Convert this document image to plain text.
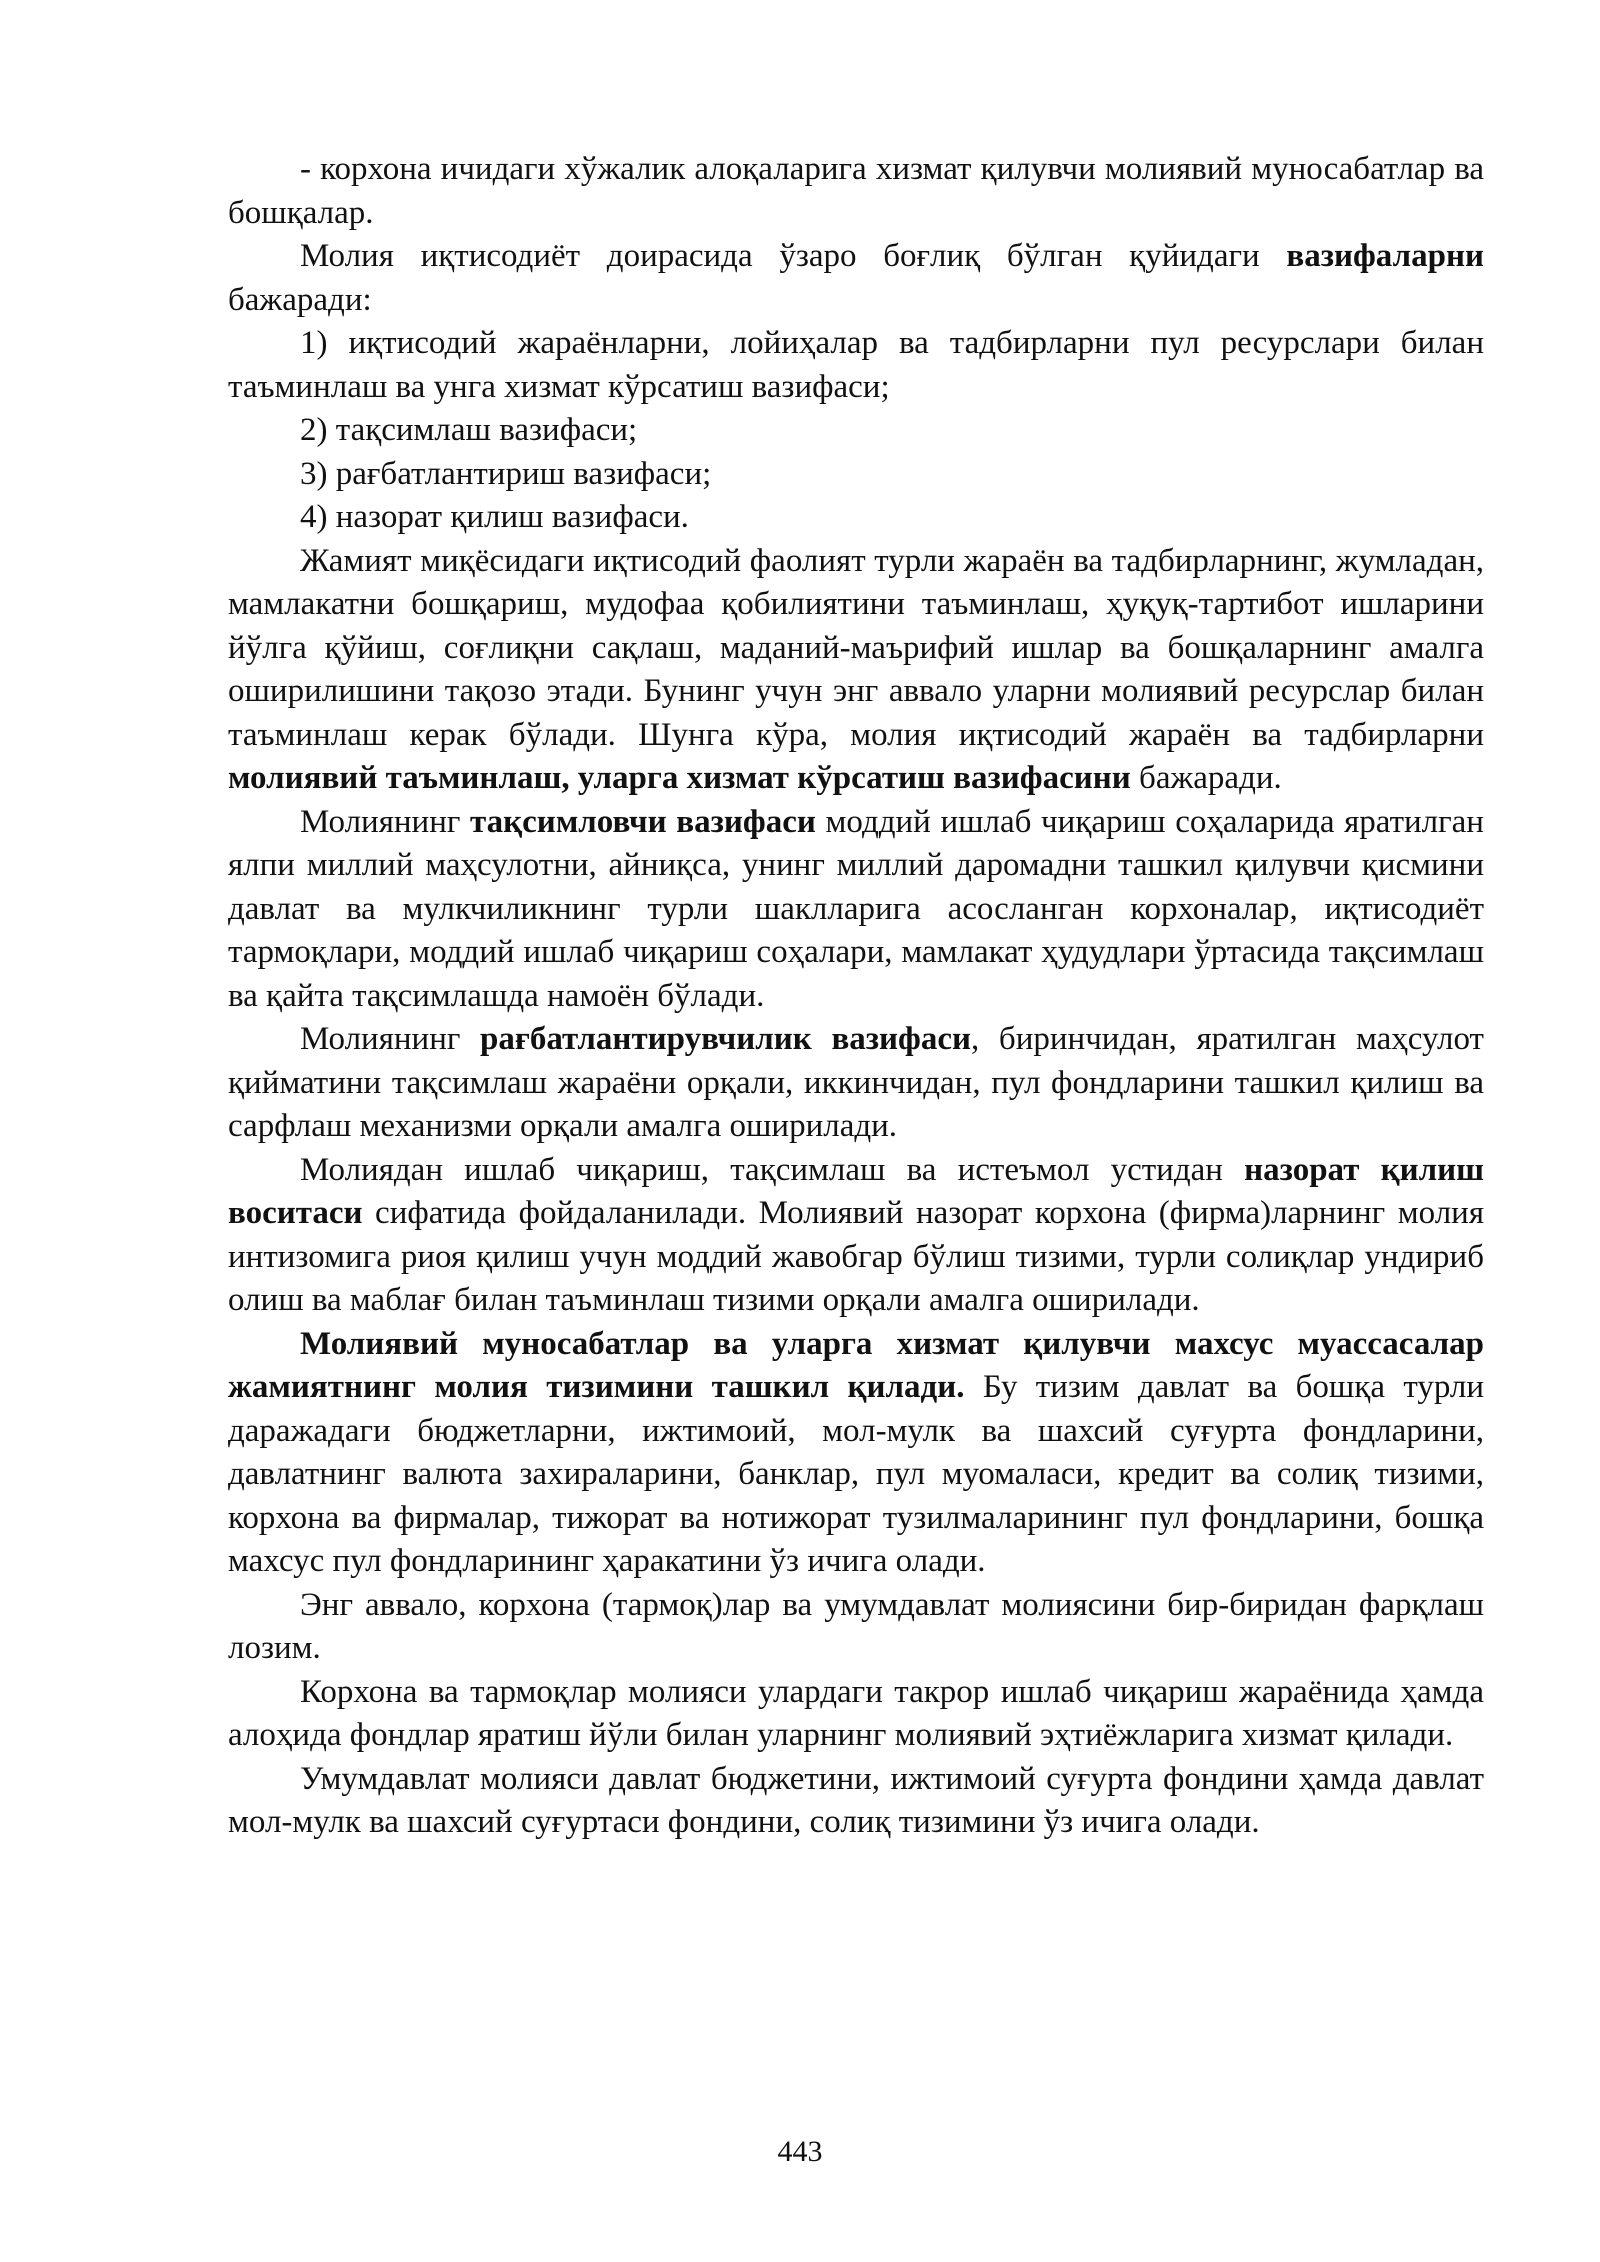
- корхона ичидаги хўжалик алоқаларига хизмат қилувчи молиявий муносабатлар ва бошқалар.

Молия иқтисодиёт доирасида ўзаро боғлиқ бўлган қуйидаги вазифаларни бажаради:

1) иқтисодий жараёнларни, лойиҳалар ва тадбирларни пул ресурслари билан таъминлаш ва унга хизмат кўрсатиш вазифаси;

2) тақсимлаш вазифаси;

3) рағбатлантириш вазифаси;

4) назорат қилиш вазифаси.

Жамият миқёсидаги иқтисодий фаолият турли жараён ва тадбирларнинг, жумладан, мамлакатни бошқариш, мудофаа қобилиятини таъминлаш, ҳуқуқ-тартибот ишларини йўлга қўйиш, соғлиқни сақлаш, маданий-маърифий ишлар ва бошқаларнинг амалга оширилишини тақозо этади. Бунинг учун энг аввало уларни молиявий ресурслар билан таъминлаш керак бўлади. Шунга кўра, молия иқтисодий жараён ва тадбирларни молиявий таъминлаш, уларга хизмат кўрсатиш вазифасини бажаради.

Молиянинг тақсимловчи вазифаси моддий ишлаб чиқариш соҳаларида яратилган ялпи миллий маҳсулотни, айниқса, унинг миллий даромадни ташкил қилувчи қисмини давлат ва мулкчиликнинг турли шаклларига асосланган корхоналар, иқтисодиёт тармоқлари, моддий ишлаб чиқариш соҳалари, мамлакат ҳудудлари ўртасида тақсимлаш ва қайта тақсимлашда намоён бўлади.

Молиянинг рағбатлантирувчилик вазифаси, биринчидан, яратилган маҳсулот қийматини тақсимлаш жараёни орқали, иккинчидан, пул фондларини ташкил қилиш ва сарфлаш механизми орқали амалга оширилади.

Молиядан ишлаб чиқариш, тақсимлаш ва истеъмол устидан назорат қилиш воситаси сифатида фойдаланилади. Молиявий назорат корхона (фирма)ларнинг молия интизомига риоя қилиш учун моддий жавобгар бўлиш тизими, турли солиқлар ундириб олиш ва маблағ билан таъминлаш тизими орқали амалга оширилади.

Молиявий муносабатлар ва уларга хизмат қилувчи махсус муассасалар жамиятнинг молия тизимини ташкил қилади. Бу тизим давлат ва бошқа турли даражадаги бюджетларни, ижтимоий, мол-мулк ва шахсий суғурта фондларини, давлатнинг валюта захираларини, банклар, пул муомаласи, кредит ва солиқ тизими, корхона ва фирмалар, тижорат ва нотижорат тузилмаларининг пул фондларини, бошқа махсус пул фондларининг ҳаракатини ўз ичига олади.

Энг аввало, корхона (тармоқ)лар ва умумдавлат молиясини бир-биридан фарқлаш лозим.

Корхона ва тармоқлар молияси улардаги такрор ишлаб чиқариш жараёнида ҳамда алоҳида фондлар яратиш йўли билан уларнинг молиявий эҳтиёжларига хизмат қилади.

Умумдавлат молияси давлат бюджетини, ижтимоий суғурта фондини ҳамда давлат мол-мулк ва шахсий суғуртаси фондини, солиқ тизимини ўз ичига олади.

443
